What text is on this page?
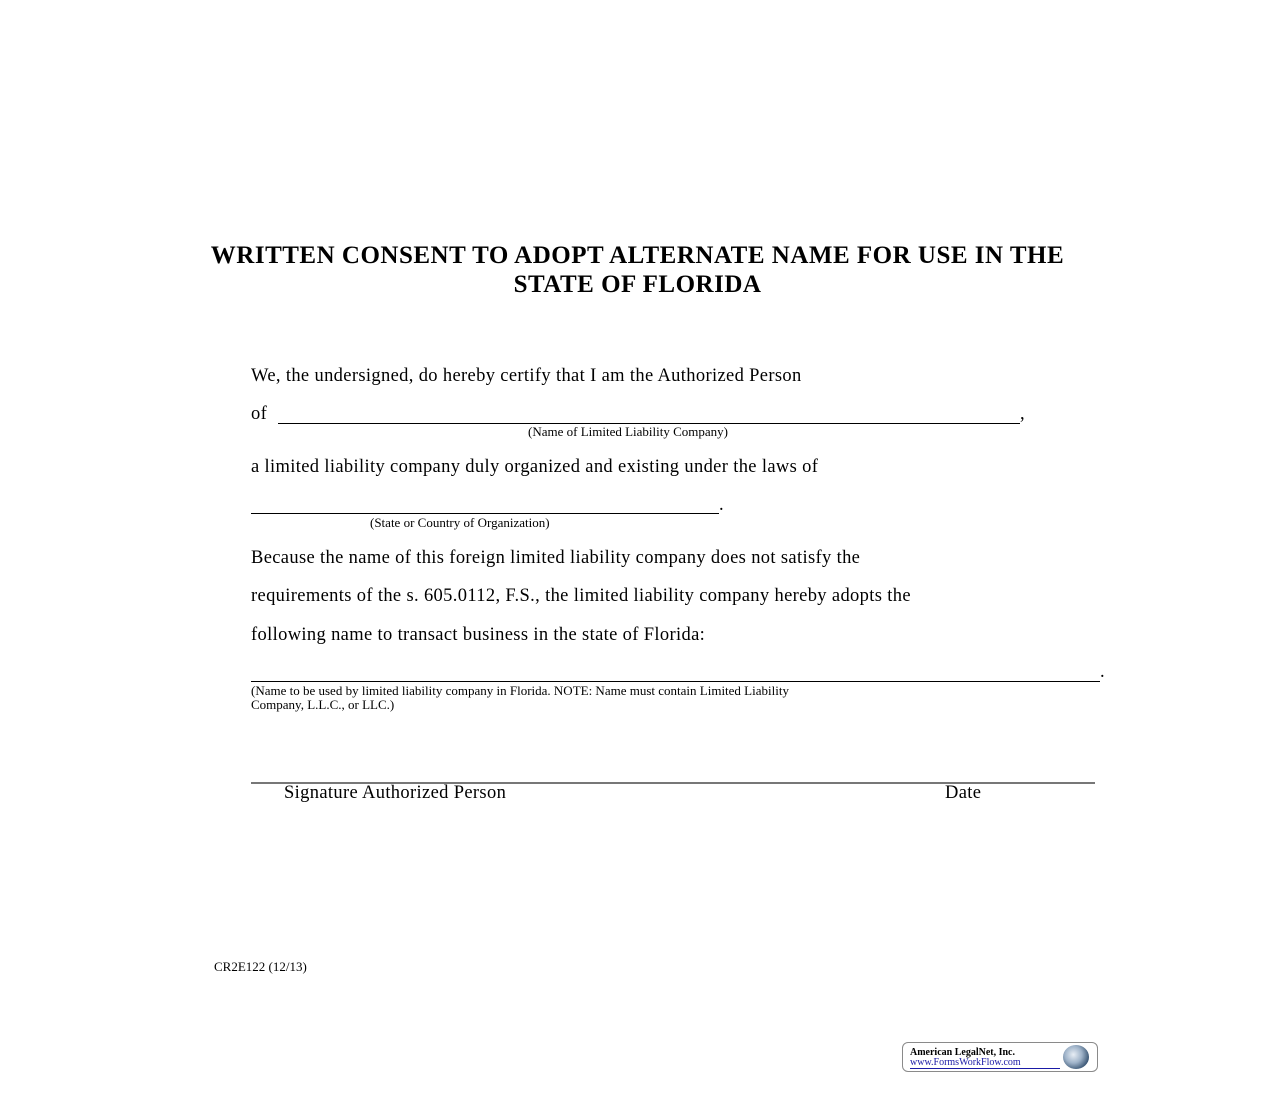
WRITTEN CONSENT TO ADOPT ALTERNATE NAME FOR USE IN THE
STATE OF FLORIDA
We, the undersigned, do hereby certify that I am the Authorized Person
of	,
(Name of Limited Liability Company)
a limited liability company duly organized and existing under the laws of
.
(State or Country of Organization)
Because the name of this foreign limited liability company does not satisfy the
requirements of the s. 605.0112, F.S., the limited liability company hereby adopts the
following name to transact business in the state of Florida:
.
(Name to be used by limited liability company in Florida. NOTE: Name must contain Limited Liability
Company, L.L.C., or LLC.)
Signature Authorized Person	Date
CR2E122 (12/13)
American LegalNet, Inc.
www.FormsWorkFlow.com
